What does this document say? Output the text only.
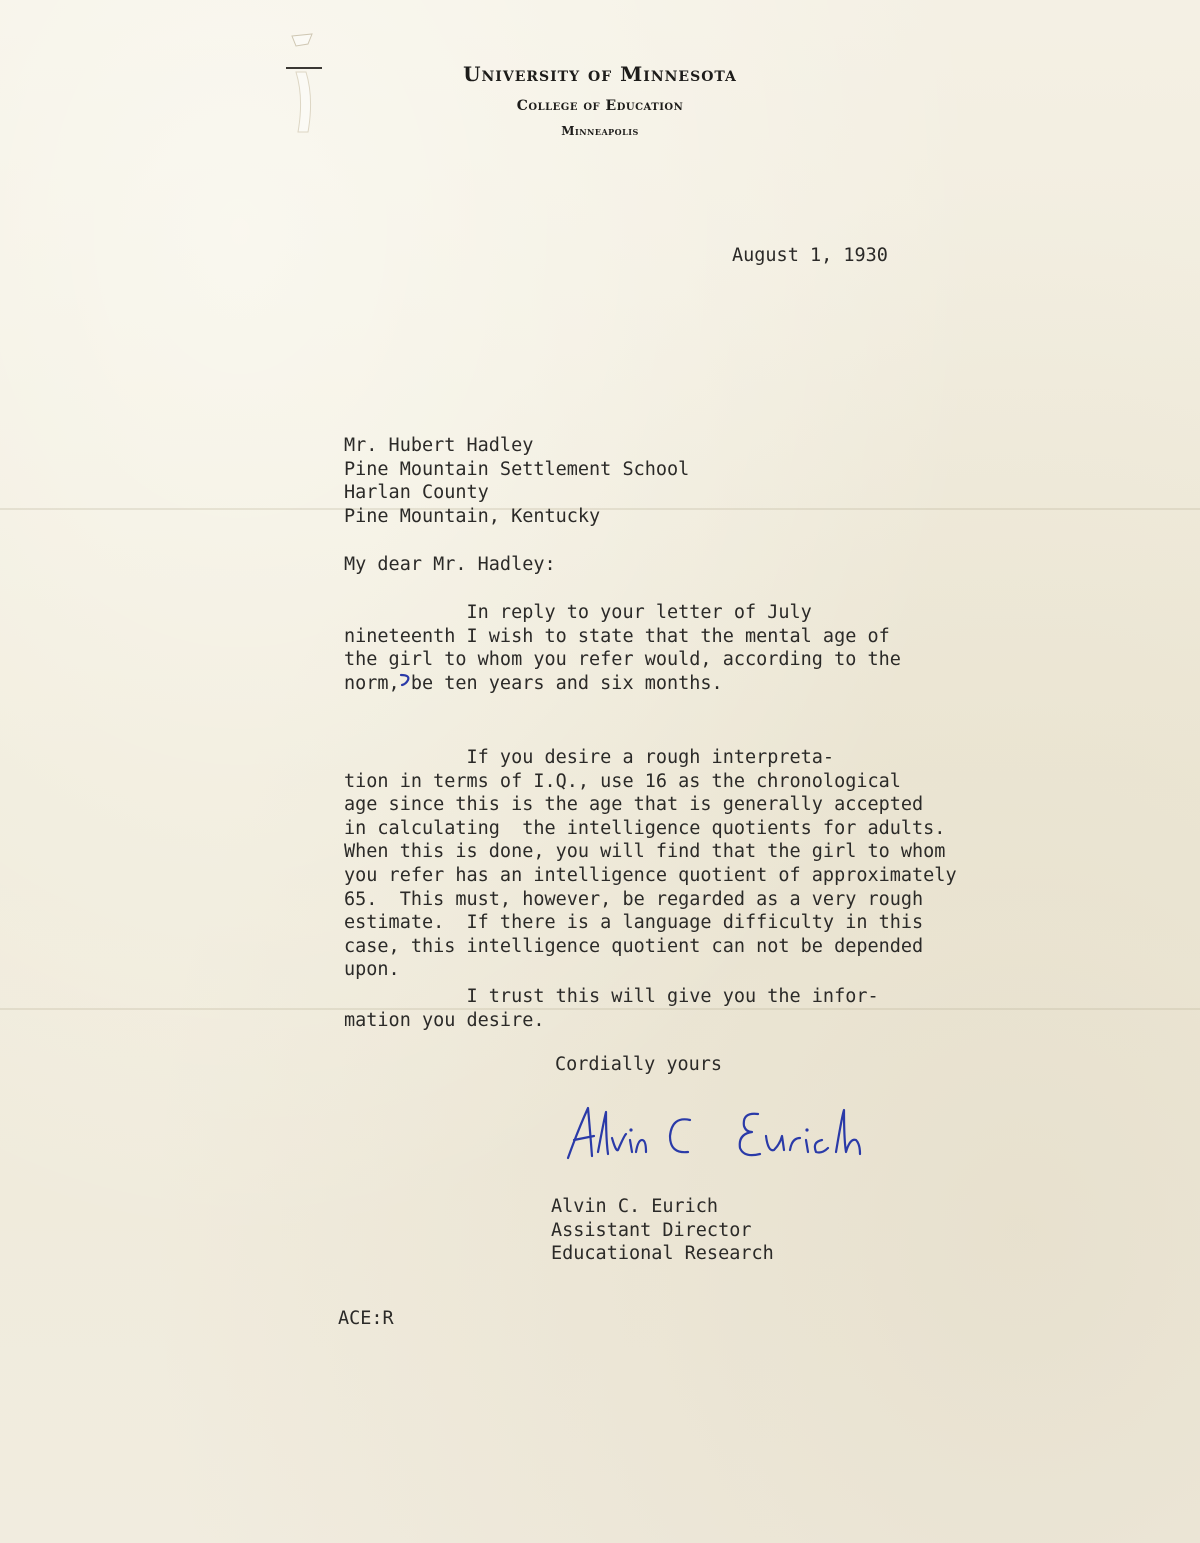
University of Minnesota
College of Education
Minneapolis

August 1, 1930

Mr. Hubert Hadley
Pine Mountain Settlement School
Harlan County
Pine Mountain, Kentucky

My dear Mr. Hadley:

In reply to your letter of July
nineteenth I wish to state that the mental age of
the girl to whom you refer would, according to the
norm, be ten years and six months.

If you desire a rough interpreta-
tion in terms of I.Q., use 16 as the chronological
age since this is the age that is generally accepted
in calculating  the intelligence quotients for adults.
When this is done, you will find that the girl to whom
you refer has an intelligence quotient of approximately
65.  This must, however, be regarded as a very rough
estimate.  If there is a language difficulty in this
case, this intelligence quotient can not be depended
upon.

I trust this will give you the infor-
mation you desire.

Cordially yours

Alvin C. Eurich
Assistant Director
Educational Research

ACE:R
